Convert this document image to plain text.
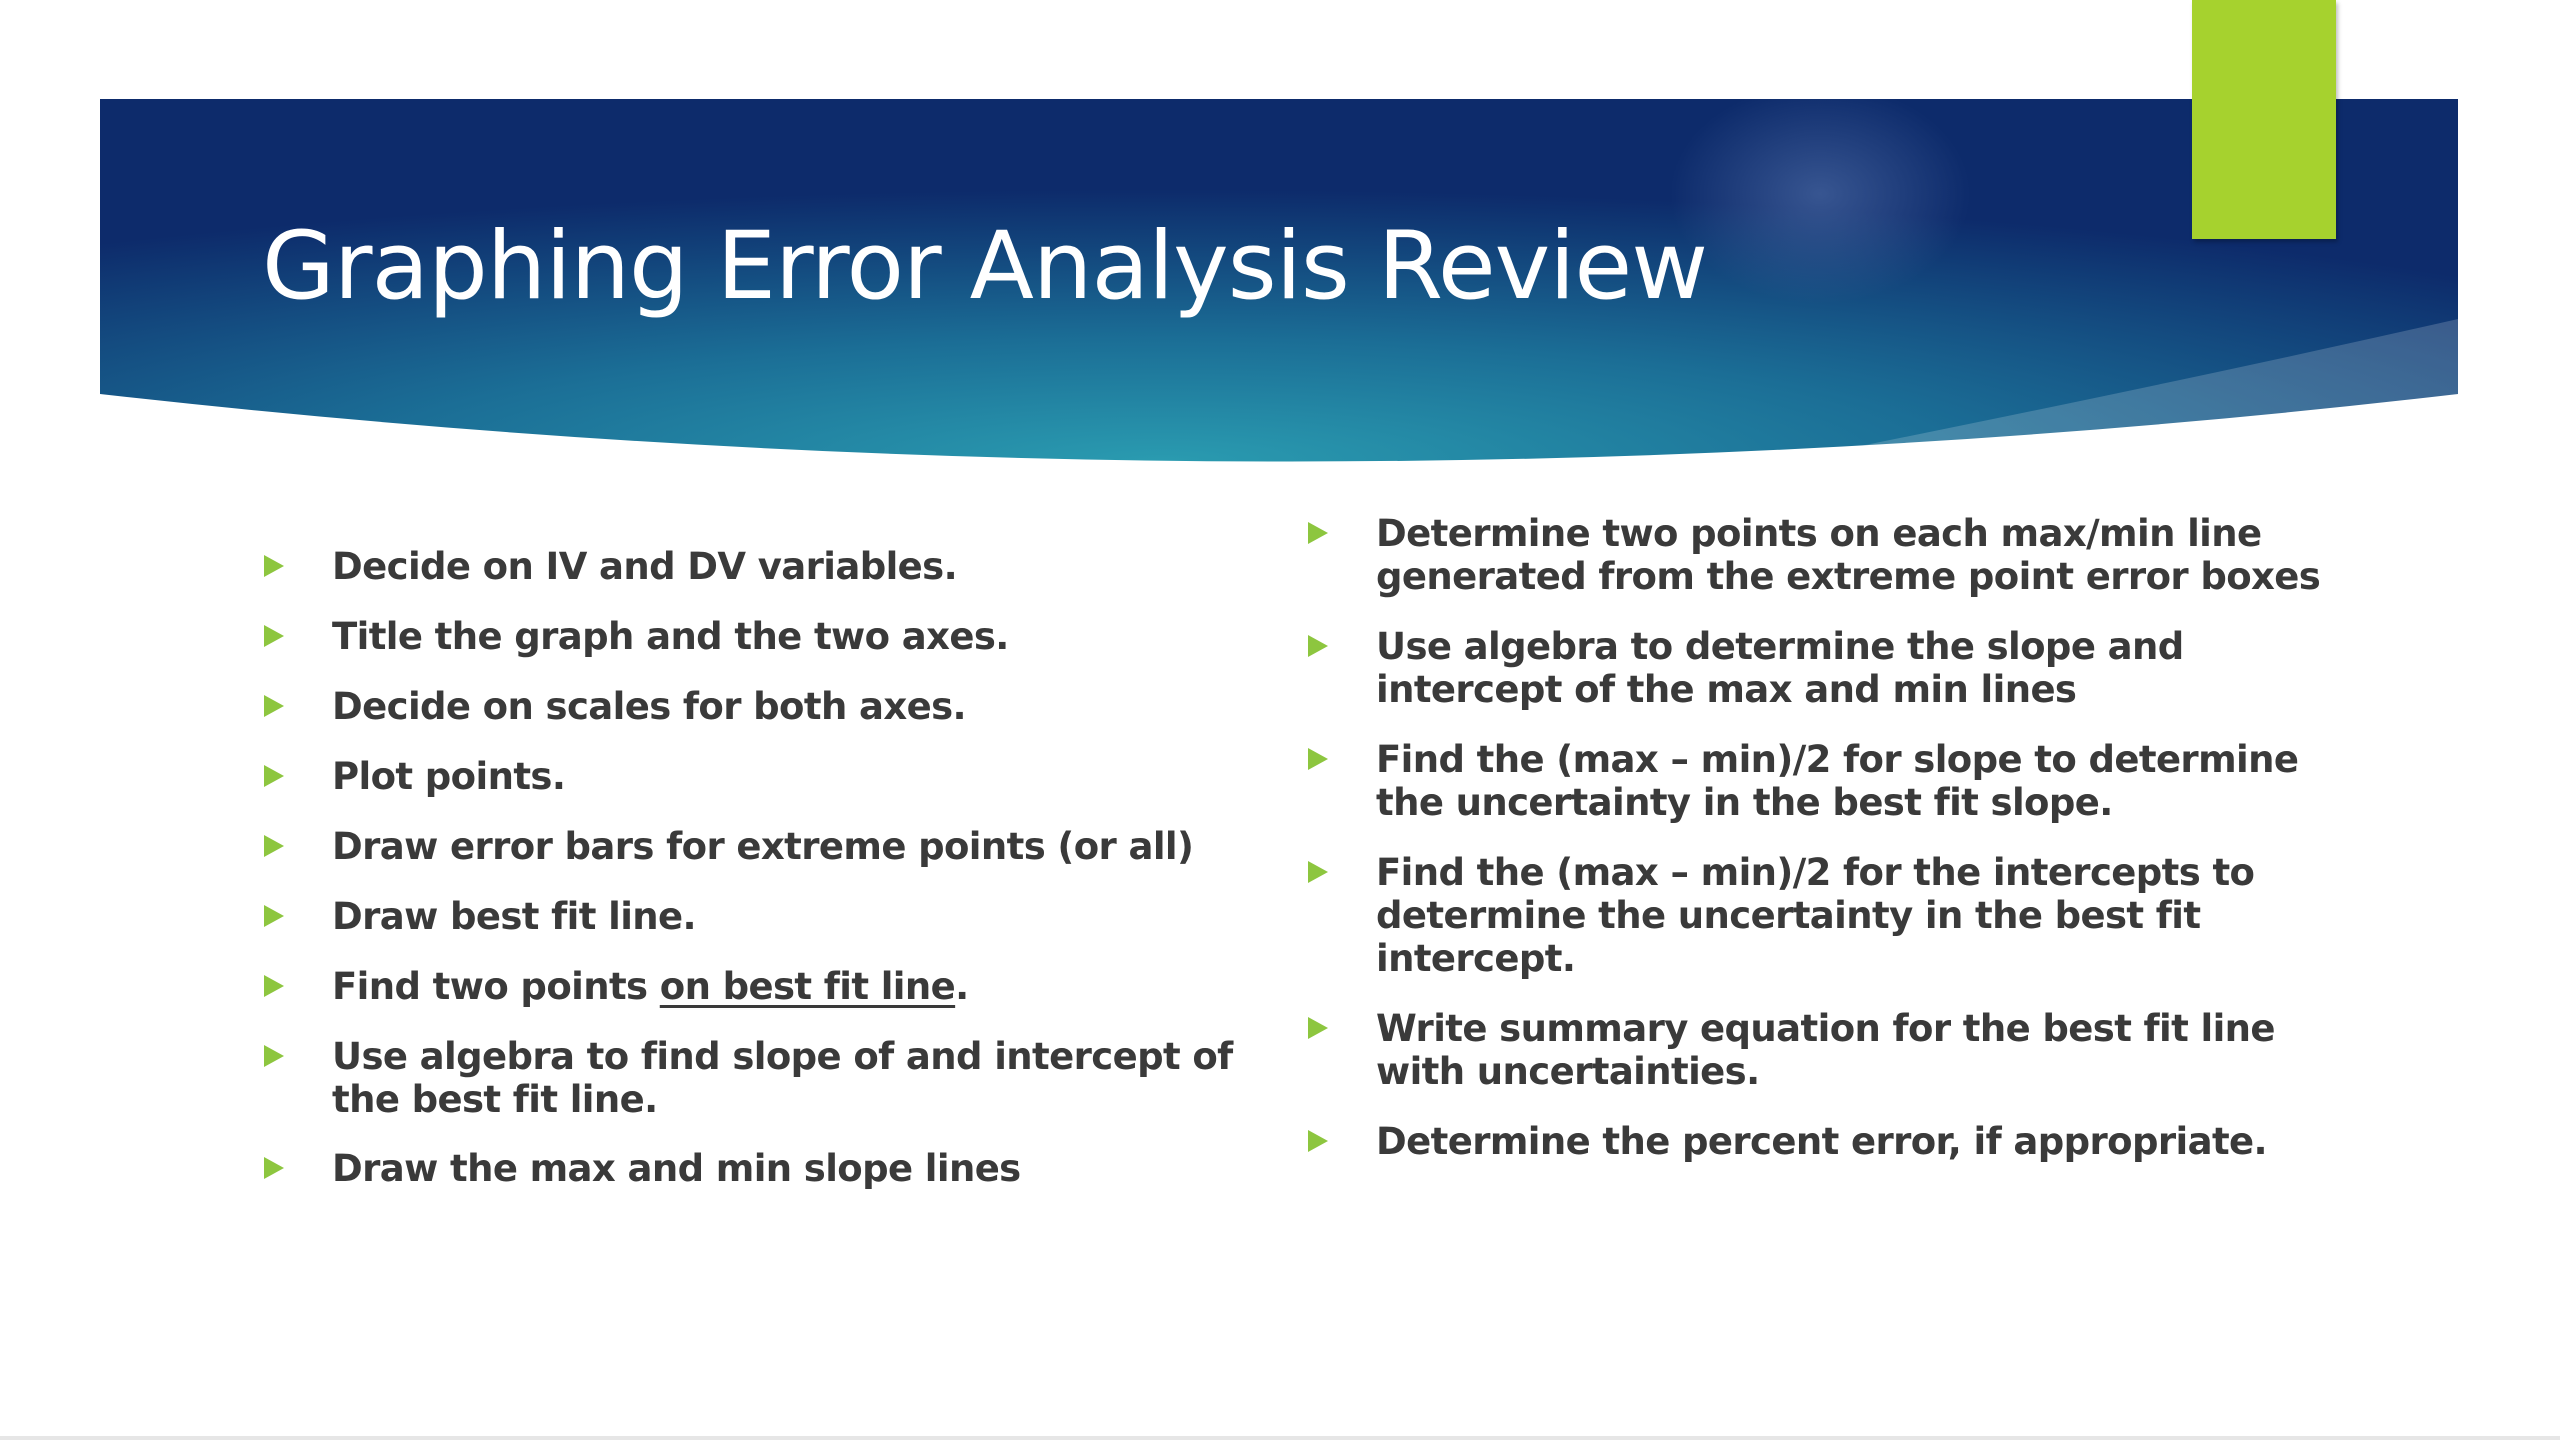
Graphing Error Analysis Review
Decide on IV and DV variables.
Title the graph and the two axes.
Decide on scales for both axes.
Plot points.
Draw error bars for extreme points (or all)
Draw best fit line.
Find two points on best fit line.
Use algebra to find slope of and intercept of the best fit line.
Draw the max and min slope lines
Determine two points on each max/min line generated from the extreme point error boxes
Use algebra to determine the slope and intercept of the max and min lines
Find the (max – min)/2 for slope to determine the uncertainty in the best fit slope.
Find the (max – min)/2 for the intercepts to determine the uncertainty in the best fit intercept.
Write summary equation for the best fit line with uncertainties.
Determine the percent error, if appropriate.
